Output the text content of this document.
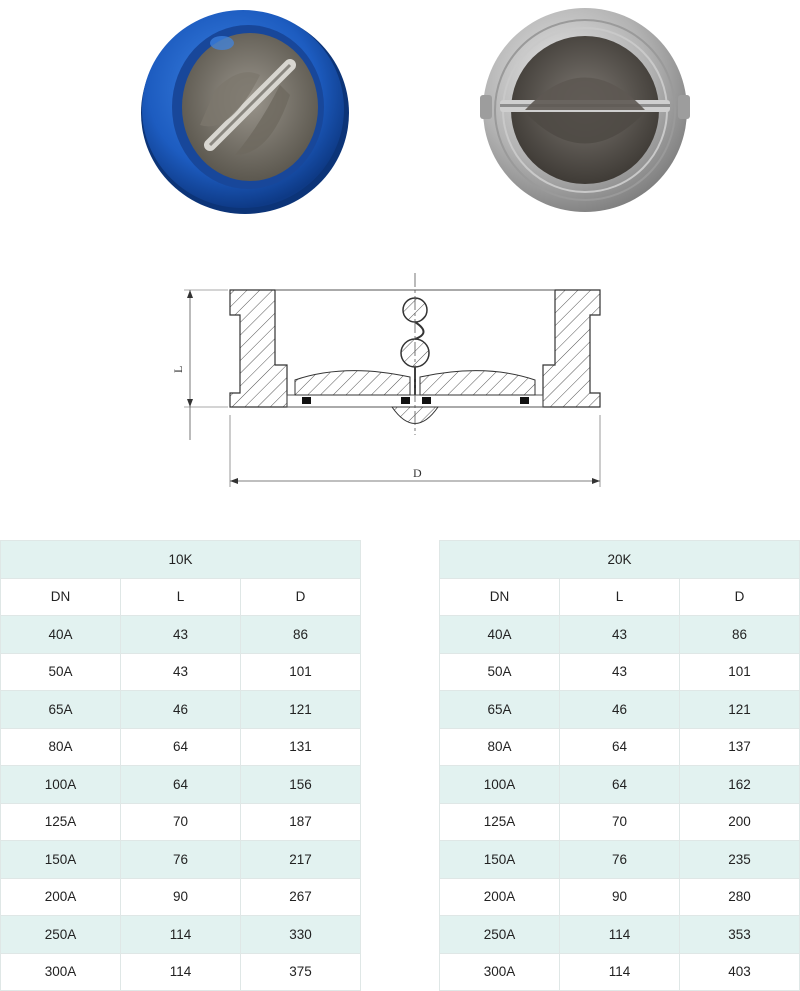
L
D
10K		
DN	L	D
40A	43	86
50A	43	101
65A	46	121
80A	64	131
100A	64	156
125A	70	187
150A	76	217
200A	90	267
250A	114	330
300A	114	375
20K		
DN	L	D
40A	43	86
50A	43	101
65A	46	121
80A	64	137
100A	64	162
125A	70	200
150A	76	235
200A	90	280
250A	114	353
300A	114	403
